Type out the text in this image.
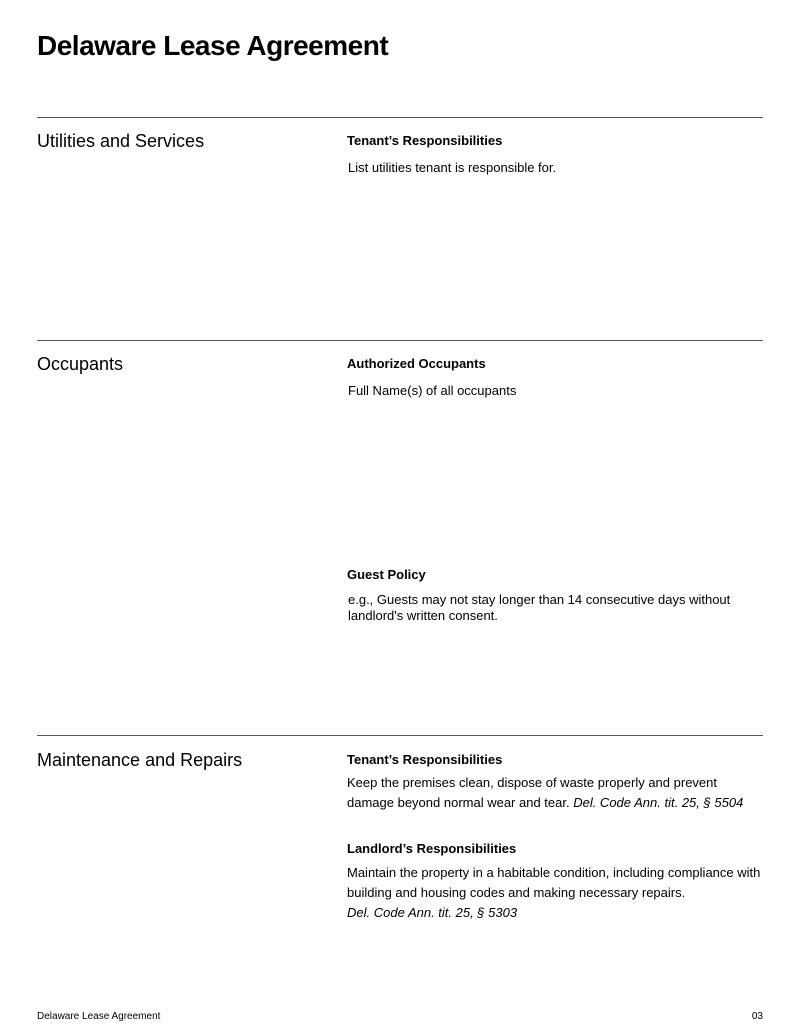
Delaware Lease Agreement
Utilities and Services	Tenant’s Responsibilities
List utilities tenant is responsible for.
Occupants	Authorized Occupants
Full Name(s) of all occupants
Guest Policy
e.g., Guests may not stay longer than 14 consecutive days without landlord's written consent.
Maintenance and Repairs	Tenant’s Responsibilities

Keep the premises clean, dispose of waste properly and prevent damage beyond normal wear and tear. Del. Code Ann. tit. 25, § 5504

Landlord’s Responsibilities

Maintain the property in a habitable condition, including compliance with building and housing codes and making necessary repairs.
Del. Code Ann. tit. 25, § 5303

Delaware Lease Agreement	03
